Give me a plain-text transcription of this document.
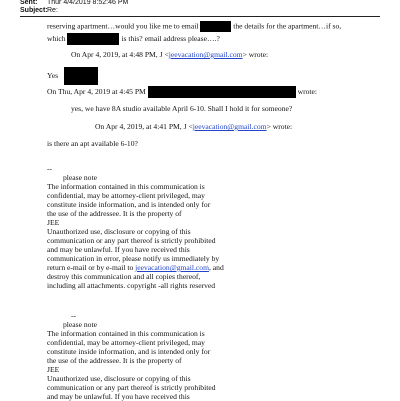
Sent: Thur 4/4/2019 8:52:46 PM
Subject:Re:
reserving apartment…would you like me to email	the details for the apartment…if so,
which	is this? email address please….?
On Apr 4, 2019, at 4:48 PM, J <jeevacation@gmail.com> wrote:
Yes
On Thu, Apr 4, 2019 at 4:45 PM	wrote:
yes, we have 8A studio available April 6-10. Shall I hold it for someone?
On Apr 4, 2019, at 4:41 PM, J <jeevacation@gmail.com> wrote:
is there an apt available 6-10?
--
please note
The information contained in this communication is
confidential, may be attorney-client privileged, may
constitute inside information, and is intended only for
the use of the addressee. It is the property of
JEE
Unauthorized use, disclosure or copying of this
communication or any part thereof is strictly prohibited
and may be unlawful. If you have received this
communication in error, please notify us immediately by
return e-mail or by e-mail to jeevacation@gmail.com, and
destroy this communication and all copies thereof,
including all attachments. copyright -all rights reserved
--
please note
The information contained in this communication is
confidential, may be attorney-client privileged, may
constitute inside information, and is intended only for
the use of the addressee. It is the property of
JEE
Unauthorized use, disclosure or copying of this
communication or any part thereof is strictly prohibited
and may be unlawful. If you have received this
